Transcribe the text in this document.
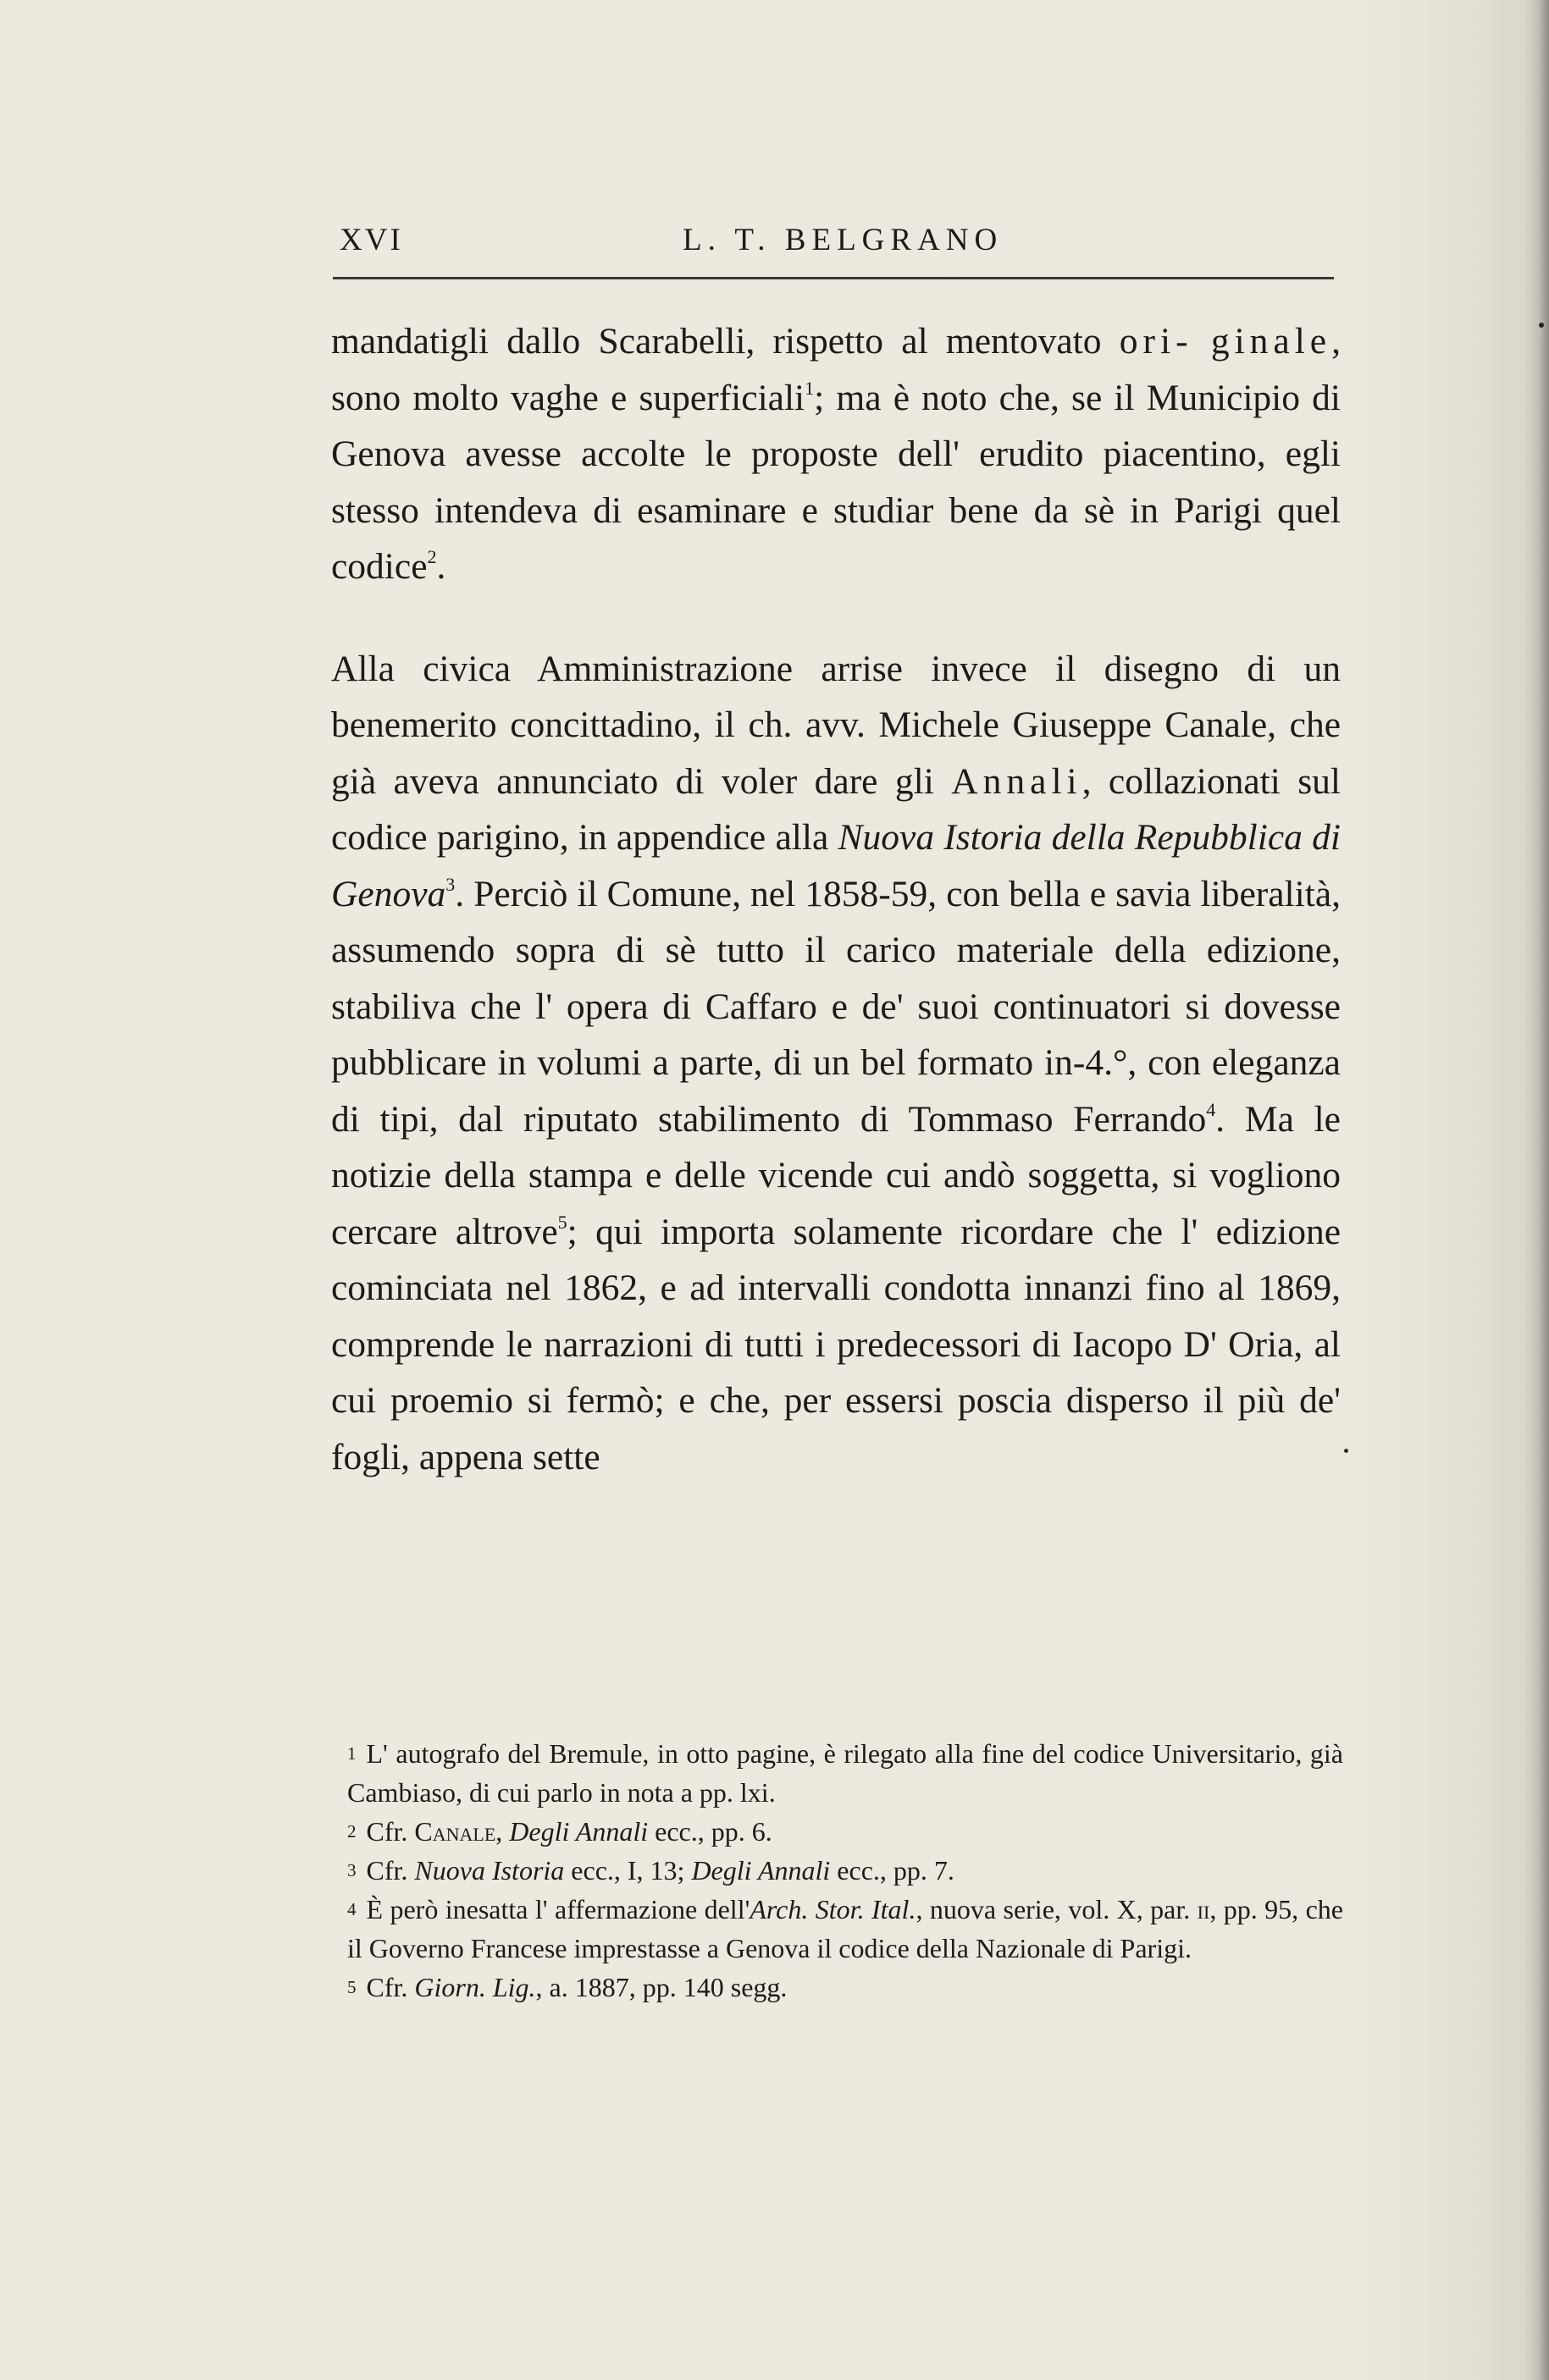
XVI	L. T. BELGRANO

mandatigli dallo Scarabelli, rispetto al mentovato ori- ginale, sono molto vaghe e superficiali$^1$; ma è noto che, se il Municipio di Genova avesse accolte le proposte dell' erudito piacentino, egli stesso intendeva di esaminare e studiar bene da sè in Parigi quel codice$^2$.

Alla civica Amministrazione arrise invece il disegno di un benemerito concittadino, il ch. avv. Michele Giuseppe Canale, che già aveva annunciato di voler dare gli Annali, collazionati sul codice parigino, in appendice alla Nuova Istoria della Repubblica di Genova$^3$. Perciò il Comune, nel 1858-59, con bella e savia liberalità, assumendo sopra di sè tutto il carico materiale della edizione, stabiliva che l' opera di Caffaro e de' suoi continuatori si dovesse pubblicare in volumi a parte, di un bel formato in-4.°, con eleganza di tipi, dal riputato stabilimento di Tommaso Ferrando$^4$. Ma le notizie della stampa e delle vicende cui andò soggetta, si vogliono cercare altrove$^5$; qui importa solamente ricordare che l' edizione cominciata nel 1862, e ad intervalli condotta innanzi fino al 1869, comprende le narrazioni di tutti i predecessori di Iacopo D' Oria, al cui proemio si fermò; e che, per essersi poscia disperso il più de' fogli, appena sette

1 L' autografo del Bremule, in otto pagine, è rilegato alla fine del codice Universitario, già Cambiaso, di cui parlo in nota a pp. lxi.

2 Cfr. Canale, Degli Annali ecc., pp. 6.

3 Cfr. Nuova Istoria ecc., I, 13; Degli Annali ecc., pp. 7.

4 È però inesatta l' affermazione dell'Arch. Stor. Ital., nuova serie, vol. X, par. ii, pp. 95, che il Governo Francese imprestasse a Genova il codice della Nazionale di Parigi.

5 Cfr. Giorn. Lig., a. 1887, pp. 140 segg.
